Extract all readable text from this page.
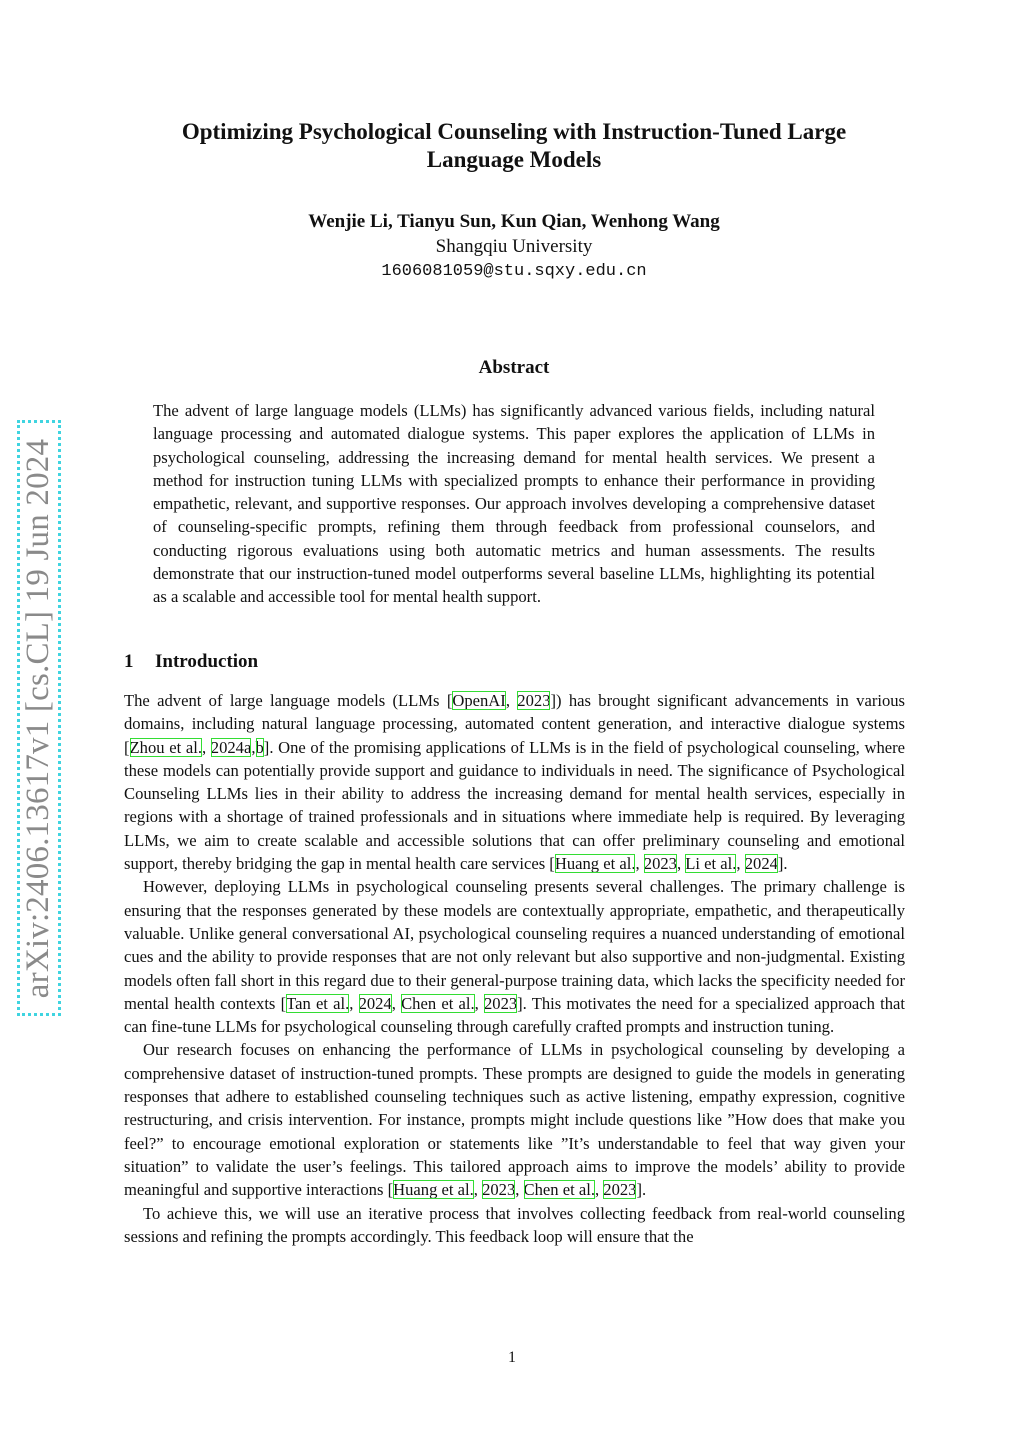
arXiv:2406.13617v1 [cs.CL] 19 Jun 2024
Optimizing Psychological Counseling with Instruction-Tuned Large
Language Models
Wenjie Li, Tianyu Sun, Kun Qian, Wenhong Wang
Shangqiu University
1606081059@stu.sqxy.edu.cn
Abstract

The advent of large language models (LLMs) has significantly advanced various fields, including natural language processing and automated dialogue systems. This paper explores the application of LLMs in psychological counseling, addressing the increasing demand for mental health services. We present a method for instruction tuning LLMs with specialized prompts to enhance their performance in providing empathetic, relevant, and supportive responses. Our approach involves developing a comprehensive dataset of counseling-specific prompts, refining them through feedback from professional counselors, and conducting rigorous evaluations using both automatic metrics and human assessments. The results demonstrate that our instruction-tuned model outperforms several baseline LLMs, highlighting its potential as a scalable and accessible tool for mental health support.

1 Introduction

The advent of large language models (LLMs [OpenAI, 2023]) has brought significant advancements in various domains, including natural language processing, automated content generation, and interactive dialogue systems [Zhou et al., 2024a,b]. One of the promising applications of LLMs is in the field of psychological counseling, where these models can potentially provide support and guidance to individuals in need. The significance of Psychological Counseling LLMs lies in their ability to address the increasing demand for mental health services, especially in regions with a shortage of trained professionals and in situations where immediate help is required. By leveraging LLMs, we aim to create scalable and accessible solutions that can offer preliminary counseling and emotional support, thereby bridging the gap in mental health care services [Huang et al., 2023, Li et al., 2024].

However, deploying LLMs in psychological counseling presents several challenges. The primary challenge is ensuring that the responses generated by these models are contextually appropriate, empathetic, and therapeutically valuable. Unlike general conversational AI, psychological counseling requires a nuanced understanding of emotional cues and the ability to provide responses that are not only relevant but also supportive and non-judgmental. Existing models often fall short in this regard due to their general-purpose training data, which lacks the specificity needed for mental health contexts [Tan et al., 2024, Chen et al., 2023]. This motivates the need for a specialized approach that can fine-tune LLMs for psychological counseling through carefully crafted prompts and instruction tuning.

Our research focuses on enhancing the performance of LLMs in psychological counseling by developing a comprehensive dataset of instruction-tuned prompts. These prompts are designed to guide the models in generating responses that adhere to established counseling techniques such as active listening, empathy expression, cognitive restructuring, and crisis intervention. For instance, prompts might include questions like ”How does that make you feel?” to encourage emotional exploration or statements like ”It’s understandable to feel that way given your situation” to validate the user’s feelings. This tailored approach aims to improve the models’ ability to provide meaningful and supportive interactions [Huang et al., 2023, Chen et al., 2023].

To achieve this, we will use an iterative process that involves collecting feedback from real-world counseling sessions and refining the prompts accordingly. This feedback loop will ensure that the

1
